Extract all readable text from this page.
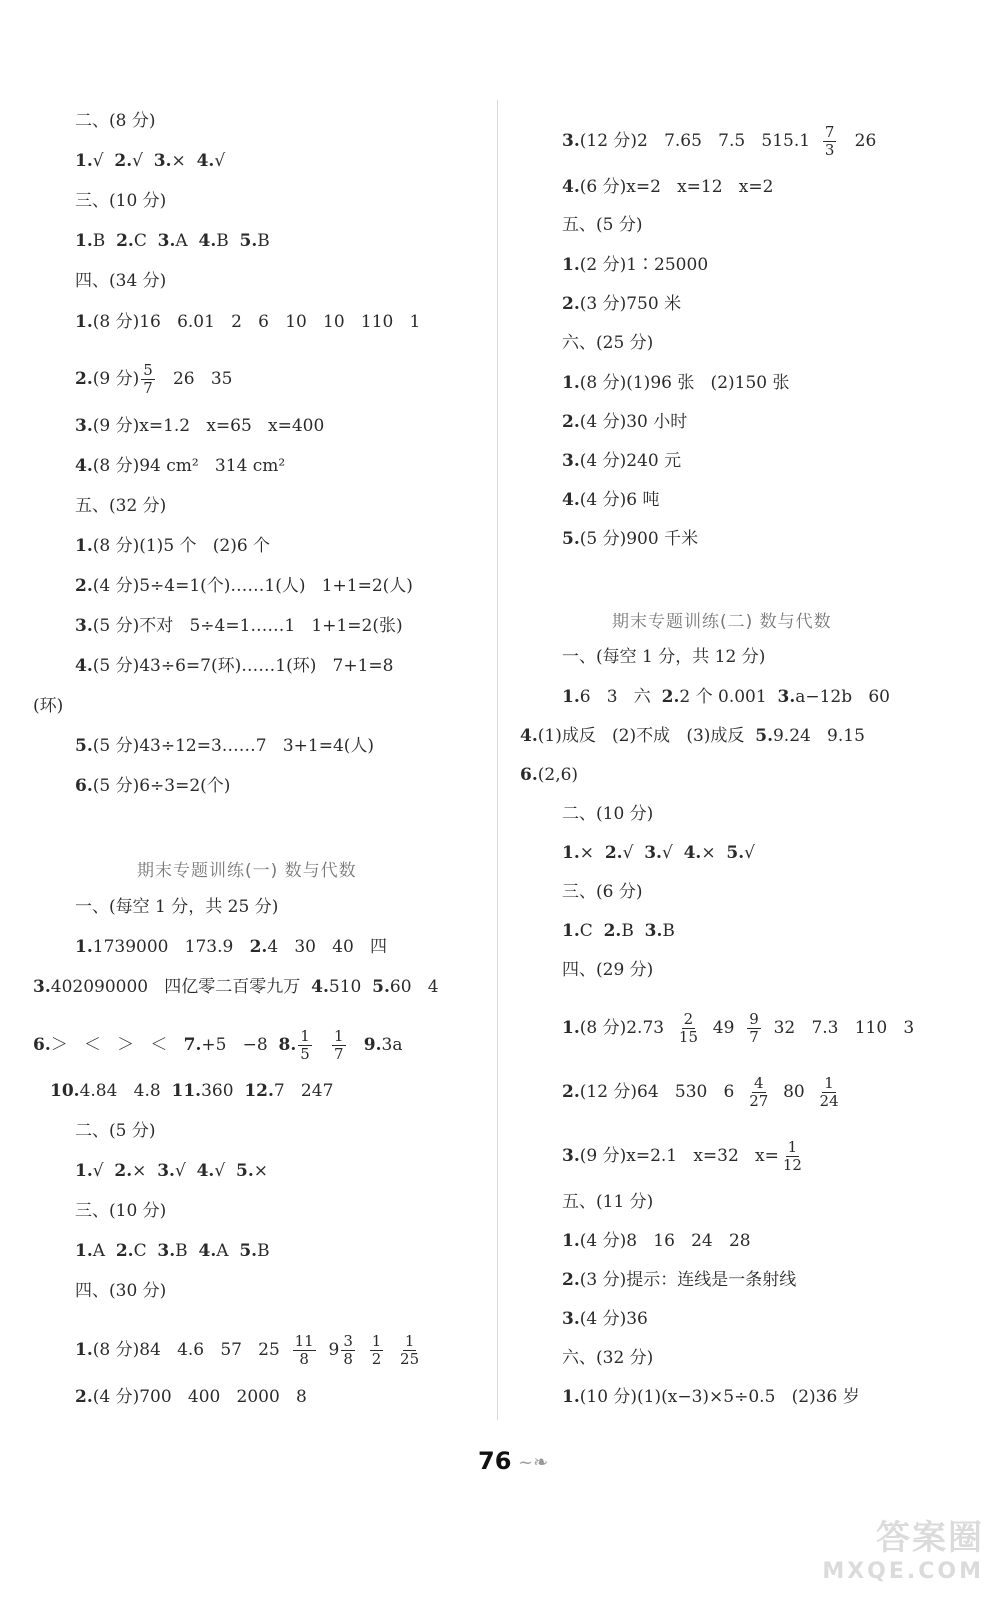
二、(8 分)
1.√  2.√  3.×  4.√
三、(10 分)
1.B  2.C  3.A  4.B  5.B
四、(34 分)
1.(8 分)16   6.01   2   6   10   10   110   1
2.(9 分) $\frac{5}{7} 26$   35
3.(9 分)x=1.2   x=65   x=400
4.(8 分)94 cm²   314 cm²
五、(32 分)
1.(8 分)(1)5 个   (2)6 个
2.(4 分)5÷4=1(个)……1(人)   1+1=2(人)
3.(5 分)不对   5÷4=1……1   1+1=2(张)
4.(5 分)43÷6=7(环)……1(环)   7+1=8
(环)
5.(5 分)43÷12=3……7   3+1=4(人)
6.(5 分)6÷3=2(个)
期末专题训练(一) 数与代数
一、(每空 1 分，共 25 分)
1.1739000   173.9   2.4   30   40   四
3.402090000   四亿零二百零九万  4.510  5.60   4
6.＞   ＜   ＞   ＜   7.+5   −8  8. $\frac{1}{5}$
$\frac{1}{7} 9.3a$
10.4.84   4.8  11.360  12.7   247
二、(5 分)
1.√  2.×  3.√  4.√  5.×
三、(10 分)
1.A  2.C  3.B  4.A  5.B
四、(30 分)
1.(8 分)84   4.6   57   $25 \frac{11}{8} 9 \frac{3}{8}$
$\frac{1}{2}$
$\frac{1}{25}$
2.(4 分)700   400   2000   8
3.(12 分)2   7.65   7.5   $515.1 \frac{7}{3} 26$
4.(6 分)x=2   x=12   x=2
五、(5 分)
1.(2 分)1∶25000
2.(3 分)750 米
六、(25 分)
1.(8 分)(1)96 张   (2)150 张
2.(4 分)30 小时
3.(4 分)240 元
4.(4 分)6 吨
5.(5 分)900 千米
期末专题训练(二) 数与代数
一、(每空 1 分，共 12 分)
1.6   3   六  2.2 个 0.001  3.a−12b   60
4.(1)成反   (2)不成   (3)成反  5.9.24   9.15
6.(2,6)
二、(10 分)
1.×  2.√  3.√  4.×  5.√
三、(6 分)
1.C  2.B  3.B
四、(29 分)
1.(8 分)$2.73 \frac{2}{15} 49 \frac{9}{7} 32$   7.3   110   3
2.(12 分)64   530   $6 \frac{4}{27} 80 \frac{1}{24}$
3.(9 分)x=2.1   x=32   $x= \frac{1}{12}$
五、(11 分)
1.(4 分)8   16   24   28
2.(3 分)提示：连线是一条射线
3.(4 分)36
六、(32 分)
1.(10 分)(1)(x−3)×5÷0.5   (2)36 岁
76 ~❧
答案圈
MXQE.COM
